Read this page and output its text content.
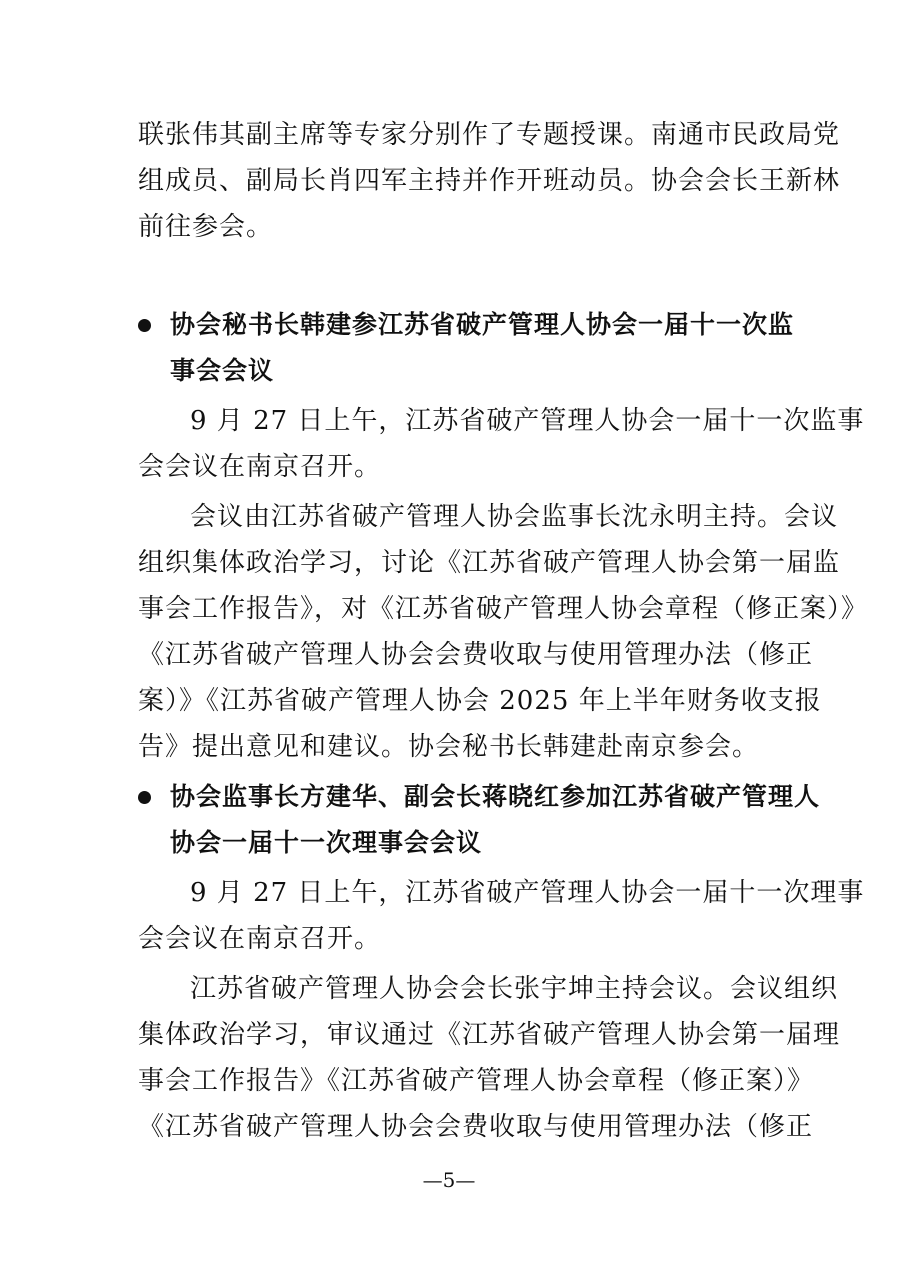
联张伟其副主席等专家分别作了专题授课。南通市民政局党
组成员、副局长肖四军主持并作开班动员。协会会长王新林
前往参会。
协会秘书长韩建参江苏省破产管理人协会一届十一次监
事会会议
9 月 27 日上午，江苏省破产管理人协会一届十一次监事
会会议在南京召开。
会议由江苏省破产管理人协会监事长沈永明主持。会议
组织集体政治学习，讨论《江苏省破产管理人协会第一届监
事会工作报告》，对《江苏省破产管理人协会章程（修正案）》
《江苏省破产管理人协会会费收取与使用管理办法（修正
案）》《江苏省破产管理人协会 2025 年上半年财务收支报
告》提出意见和建议。协会秘书长韩建赴南京参会。
协会监事长方建华、副会长蒋晓红参加江苏省破产管理人
协会一届十一次理事会会议
9 月 27 日上午，江苏省破产管理人协会一届十一次理事
会会议在南京召开。
江苏省破产管理人协会会长张宇坤主持会议。会议组织
集体政治学习，审议通过《江苏省破产管理人协会第一届理
事会工作报告》《江苏省破产管理人协会章程（修正案）》
《江苏省破产管理人协会会费收取与使用管理办法（修正
—5—
